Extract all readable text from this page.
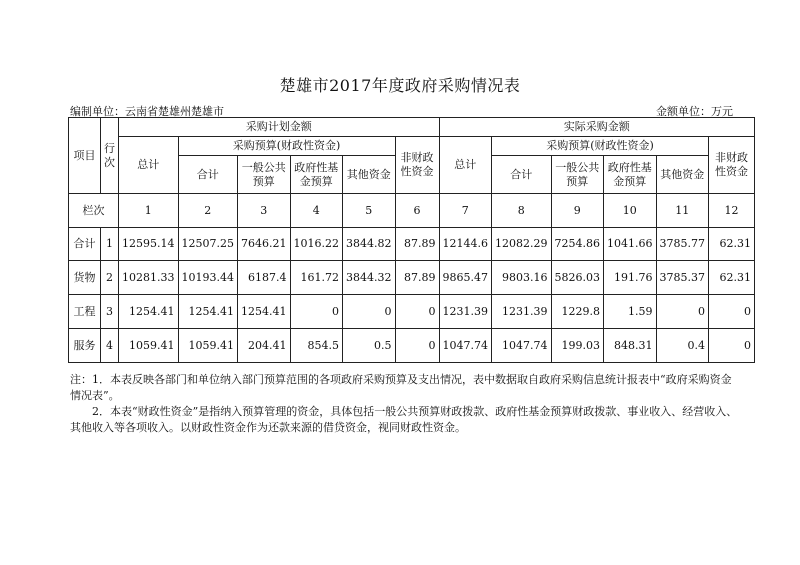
楚雄市2017年度政府采购情况表
编制单位：云南省楚雄州楚雄市	金额单位：万元
项目	行次	采购计划金额						实际采购金额					
		总计	采购预算(财政性资金)				非财政性资金	总计	采购预算(财政性资金)				非财政性资金
			合计	一般公共预算	政府性基金预算	其他资金			合计	一般公共预算	政府性基金预算	其他资金	
栏次		1	2	3	4	5	6	7	8	9	10	11	12
合计	1	12595.14	12507.25	7646.21	1016.22	3844.82	87.89	12144.6	12082.29	7254.86	1041.66	3785.77	62.31
货物	2	10281.33	10193.44	6187.4	161.72	3844.32	87.89	9865.47	9803.16	5826.03	191.76	3785.37	62.31
工程	3	1254.41	1254.41	1254.41	0	0	0	1231.39	1231.39	1229.8	1.59	0	0
服务	4	1059.41	1059.41	204.41	854.5	0.5	0	1047.74	1047.74	199.03	848.31	0.4	0

注：1．本表反映各部门和单位纳入部门预算范围的各项政府采购预算及支出情况，表中数据取自政府采购信息统计报表中“政府采购资金情况表”。

2．本表“财政性资金”是指纳入预算管理的资金，具体包括一般公共预算财政拨款、政府性基金预算财政拨款、事业收入、经营收入、其他收入等各项收入。以财政性资金作为还款来源的借贷资金，视同财政性资金。
